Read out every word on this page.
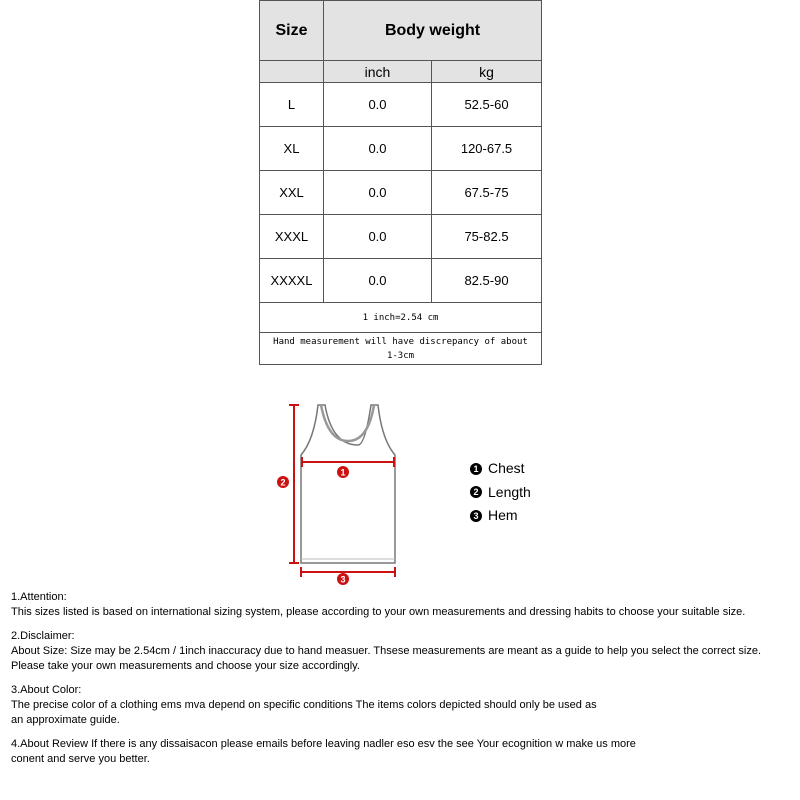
Size	Body weight	
	inch	kg
L	0.0	52.5-60
XL	0.0	120-67.5
XXL	0.0	67.5-75
XXXL	0.0	75-82.5
XXXXL	0.0	82.5-90
1 inch=2.54 cm		
Hand measurement will have discrepancy of about 1-3cm		
1
2
3
1 Chest
2 Length
3 Hem

1.Attention:
This sizes listed is based on international sizing system, please according to your own measurements and dressing habits to choose your suitable size.

2.Disclaimer:
About Size: Size may be 2.54cm / 1inch inaccuracy due to hand measuer. Thsese measurements are meant as a guide to help you select the correct size.
Please take your own measurements and choose your size accordingly.

3.About Color:
The precise color of a clothing ems mva depend on specific conditions The items colors depicted should only be used as
an approximate guide.

4.About Review If there is any dissaisacon please emails before leaving nadler eso esv the see Your ecognition w make us more
conent and serve you better.
